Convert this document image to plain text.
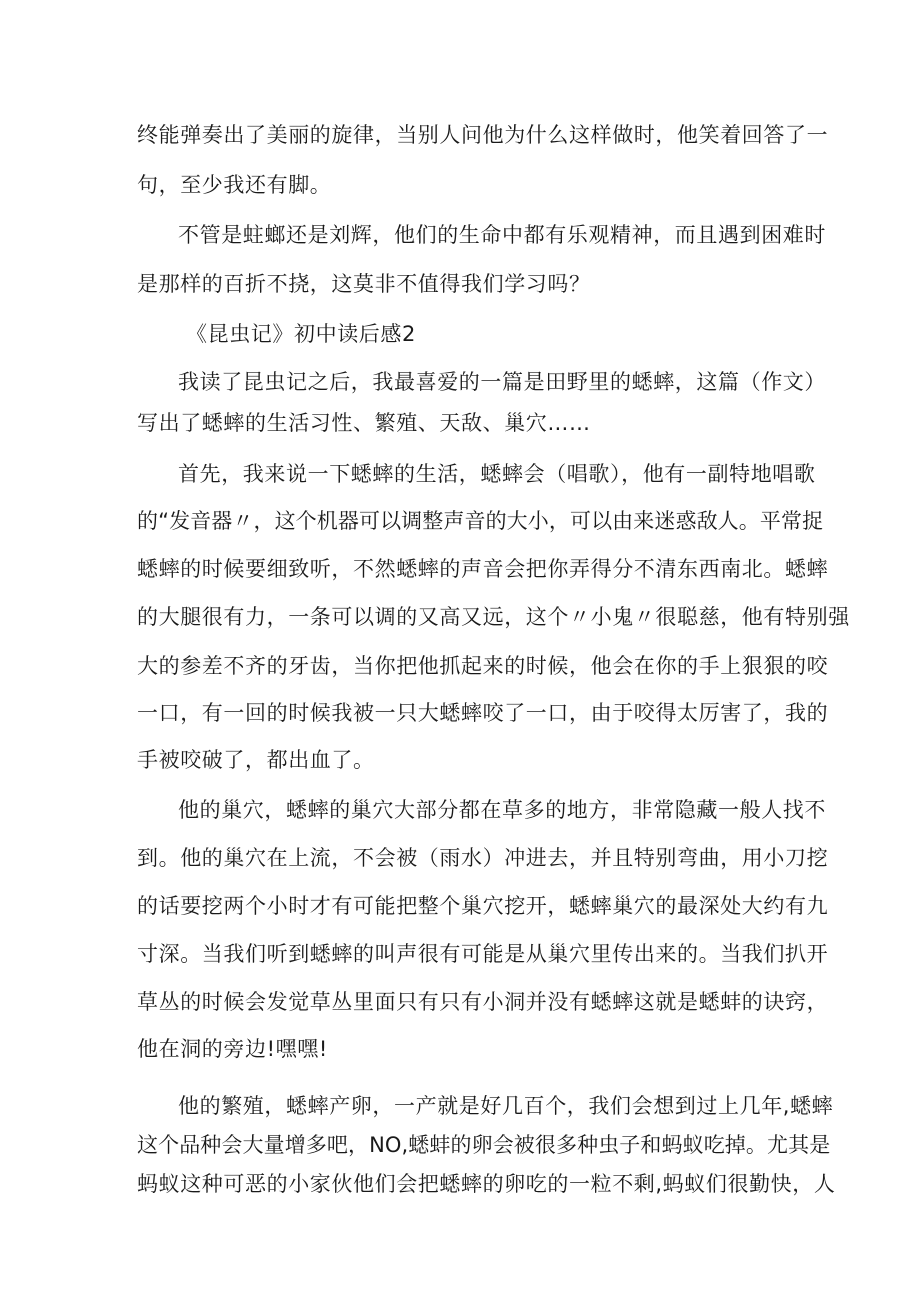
终能弹奏出了美丽的旋律，当别人问他为什么这样做时，他笑着回答了一
句，至少我还有脚。
不管是蛀螂还是刘辉，他们的生命中都有乐观精神，而且遇到困难时
是那样的百折不挠，这莫非不值得我们学习吗？
《昆虫记》初中读后感2
我读了昆虫记之后，我最喜爱的一篇是田野里的蟋蟀，这篇（作文）
写出了蟋蟀的生活习性、繁殖、天敌、巢穴……
首先，我来说一下蟋蟀的生活，蟋蟀会（唱歌），他有一副特地唱歌
的“发音器〃，这个机器可以调整声音的大小，可以由来迷惑敌人。平常捉
蟋蟀的时候要细致听，不然蟋蟀的声音会把你弄得分不清东西南北。蟋蟀
的大腿很有力，一条可以调的又高又远，这个〃小鬼〃很聪慈，他有特别强
大的参差不齐的牙齿，当你把他抓起来的时候，他会在你的手上狠狠的咬
一口，有一回的时候我被一只大蟋蟀咬了一口，由于咬得太厉害了，我的
手被咬破了，都出血了。
他的巢穴，蟋蟀的巢穴大部分都在草多的地方，非常隐藏一般人找不
到。他的巢穴在上流，不会被（雨水）冲进去，并且特别弯曲，用小刀挖
的话要挖两个小时才有可能把整个巢穴挖开，蟋蟀巢穴的最深处大约有九
寸深。当我们听到蟋蟀的叫声很有可能是从巢穴里传出来的。当我们扒开
草丛的时候会发觉草丛里面只有只有小洞并没有蟋蟀这就是蟋蚌的诀窍，
他在洞的旁边!嘿嘿!
他的繁殖，蟋蟀产卵，一产就是好几百个，我们会想到过上几年,蟋蟀
这个品种会大量增多吧，NO,蟋蚌的卵会被很多种虫子和蚂蚁吃掉。尤其是
蚂蚁这种可恶的小家伙他们会把蟋蟀的卵吃的一粒不剩,蚂蚁们很勤快，人
